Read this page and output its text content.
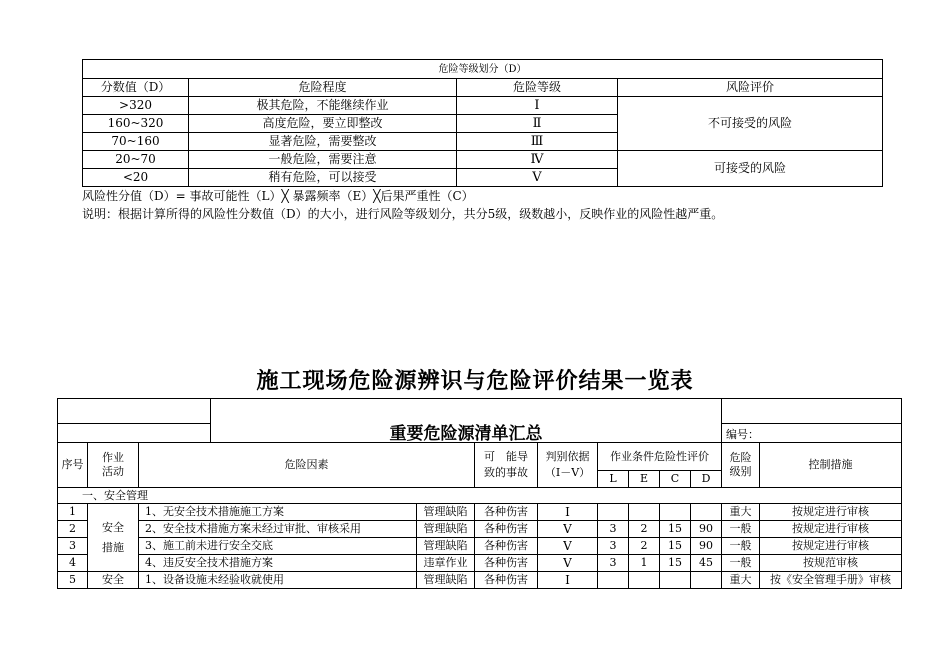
危险等级划分（D）			
分数值（D）	危险程度	危险等级	风险评价
>320	极其危险，不能继续作业	Ⅰ	不可接受的风险
160~320	高度危险，要立即整改	Ⅱ	
70~160	显著危险，需要整改	Ⅲ	
20~70	一般危险，需要注意	Ⅳ	可接受的风险
<20	稍有危险，可以接受	Ⅴ	
风险性分值（D）= 事故可能性（L）╳ 暴露频率（E）╳后果严重性（C）
说明：根据计算所得的风险性分数值（D）的大小，进行风险等级划分，共分5级，级数越小，反映作业的风险性越严重。
施工现场危险源辨识与危险评价结果一览表
			重要危险源清单汇总									
											编号：	
序号	作业活动	危险因素			可　能导　致的事故	判别依据（Ⅰ－Ⅴ）	作业条件危险性评价				危险级别	控制措施
							L	E	C	D		
一、安全管理												
1	安全措施	1、无安全技术措施施工方案		管理缺陷	各种伤害	Ⅰ					重大	按规定进行审核
2		2、安全技术措施方案未经过审批、审核采用		管理缺陷	各种伤害	Ⅴ	3	2	15	90	一般	按规定进行审核
3		3、施工前未进行安全交底		管理缺陷	各种伤害	Ⅴ	3	2	15	90	一般	按规定进行审核
4		4、违反安全技术措施方案		违章作业	各种伤害	Ⅴ	3	1	15	45	一般	按规范审核
5	安全	1、设备设施未经验收就使用		管理缺陷	各种伤害	Ⅰ					重大	按《安全管理手册》审核
